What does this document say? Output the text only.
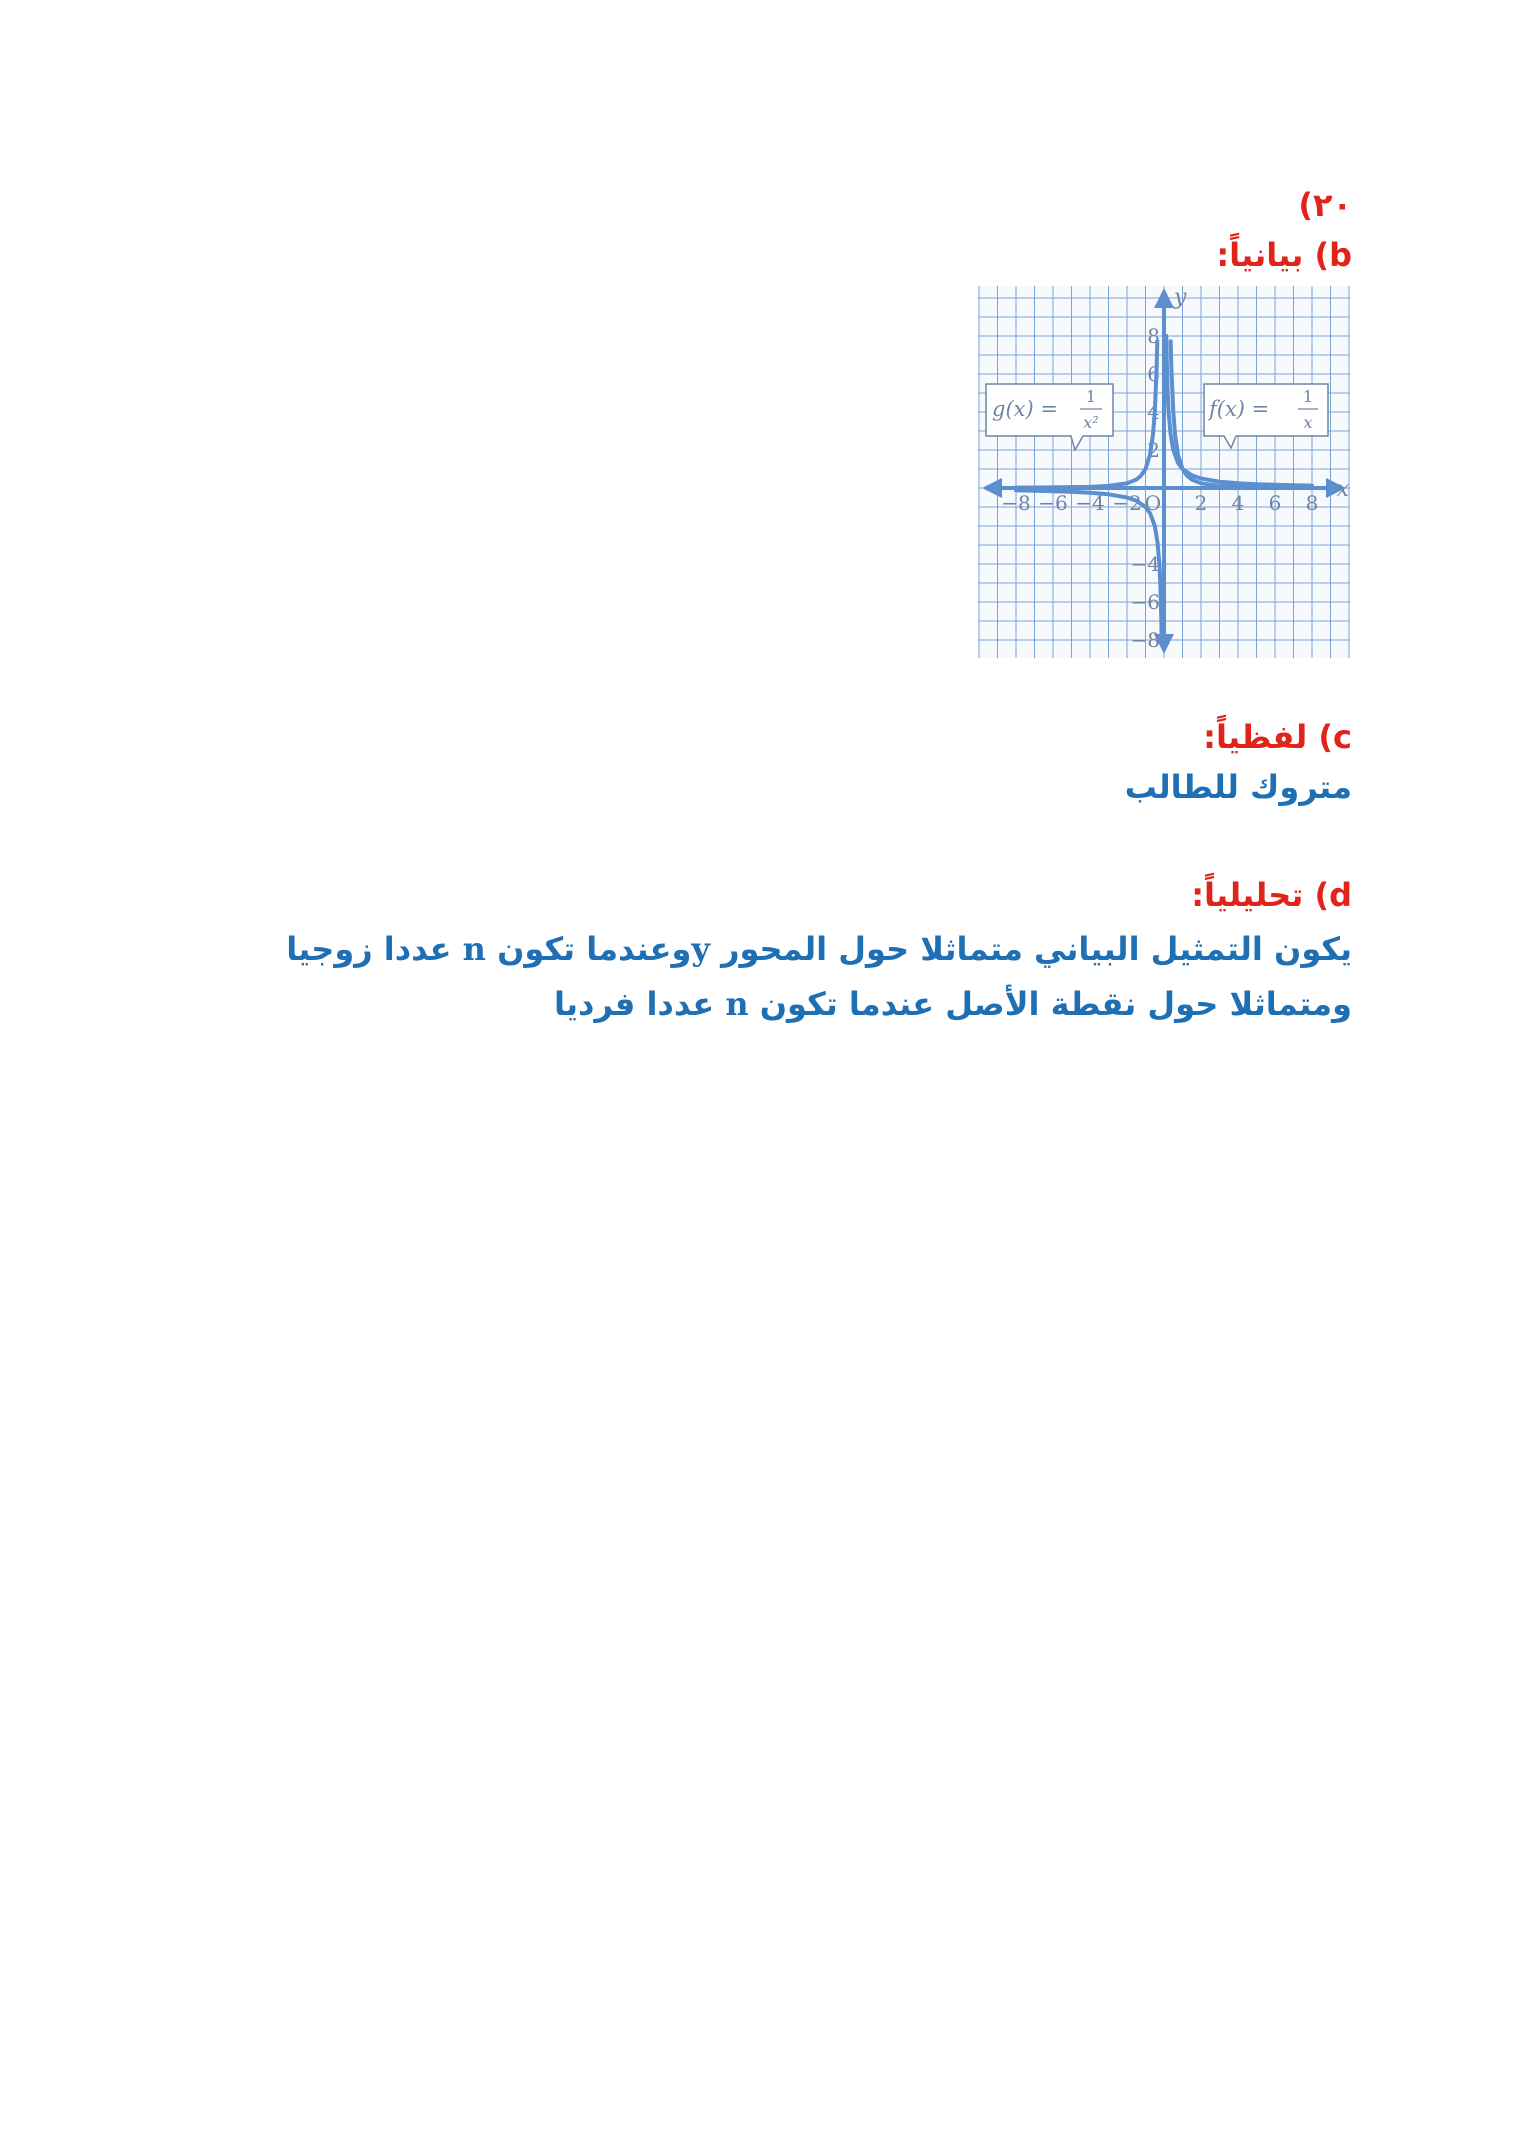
٢٠)
b) بيانياً:
x
y
−8 −6 −4 −2 O 2 4 6 8
8
6
4
2
−4
−6
−8
g(x) =
1
x²
f(x) =
1
x
c) لفظياً:
متروك للطالب
d) تحليلياً:
يكون التمثيل البياني متماثلا حول المحور yوعندما تكون n عددا زوجيا
ومتماثلا حول نقطة الأصل عندما تكون n عددا فرديا
